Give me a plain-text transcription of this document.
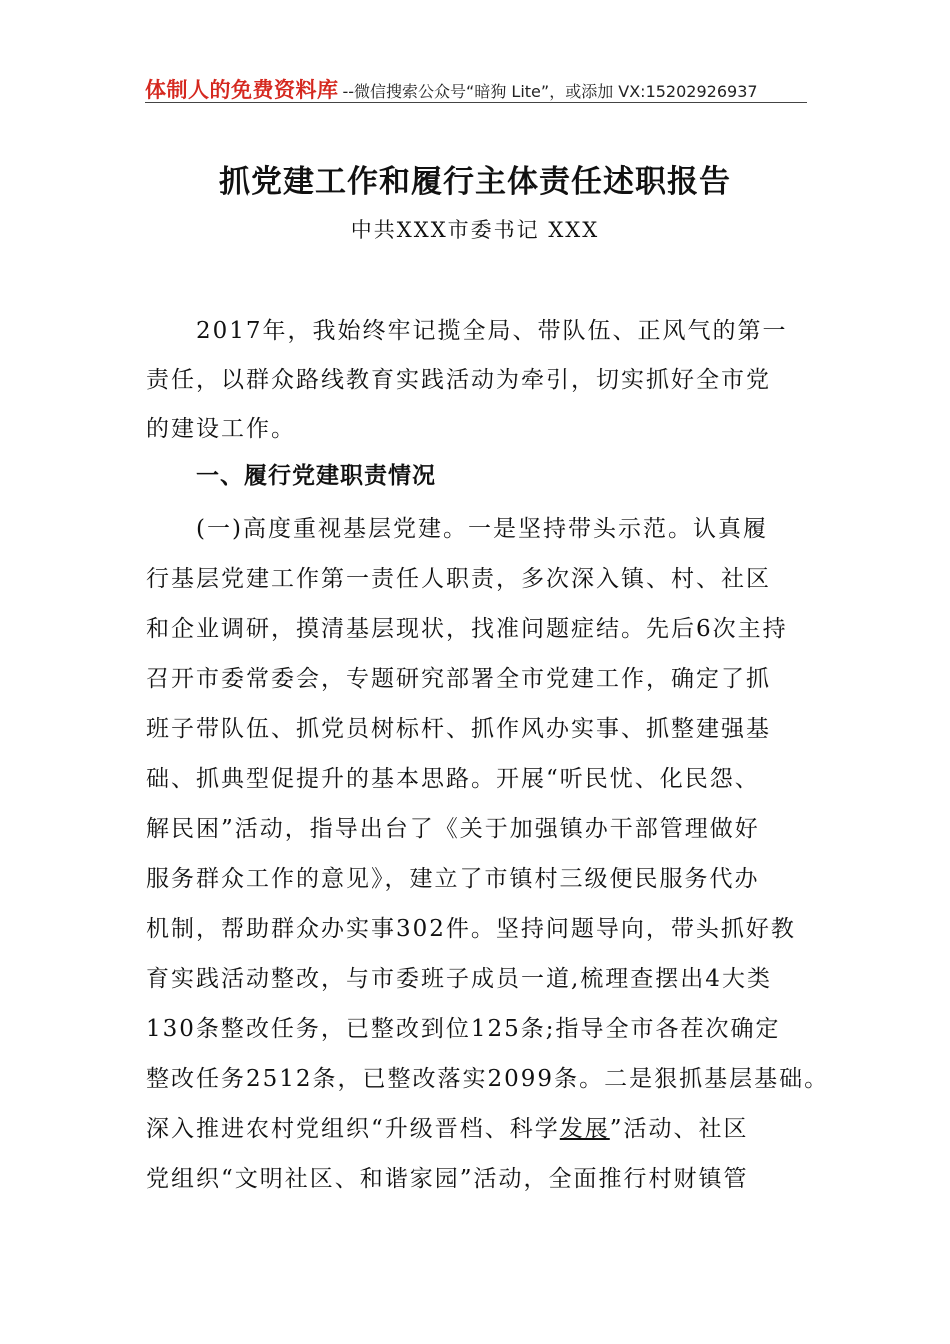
体制人的免费资料库 --微信搜索公众号“暗狗 Lite”，或添加 VX:15202926937
抓党建工作和履行主体责任述职报告
中共XXX市委书记 XXX
2017年，我始终牢记揽全局、带队伍、正风气的第一
责任，以群众路线教育实践活动为牵引，切实抓好全市党
的建设工作。
一、履行党建职责情况
(一)高度重视基层党建。一是坚持带头示范。认真履
行基层党建工作第一责任人职责，多次深入镇、村、社区
和企业调研，摸清基层现状，找准问题症结。先后6次主持
召开市委常委会，专题研究部署全市党建工作，确定了抓
班子带队伍、抓党员树标杆、抓作风办实事、抓整建强基
础、抓典型促提升的基本思路。开展“听民忧、化民怨、
解民困”活动，指导出台了《关于加强镇办干部管理做好
服务群众工作的意见》，建立了市镇村三级便民服务代办
机制，帮助群众办实事302件。坚持问题导向，带头抓好教
育实践活动整改，与市委班子成员一道,梳理查摆出4大类
130条整改任务，已整改到位125条;指导全市各茬次确定
整改任务2512条，已整改落实2099条。二是狠抓基层基础。
深入推进农村党组织“升级晋档、科学发展”活动、社区
党组织“文明社区、和谐家园”活动，全面推行村财镇管
